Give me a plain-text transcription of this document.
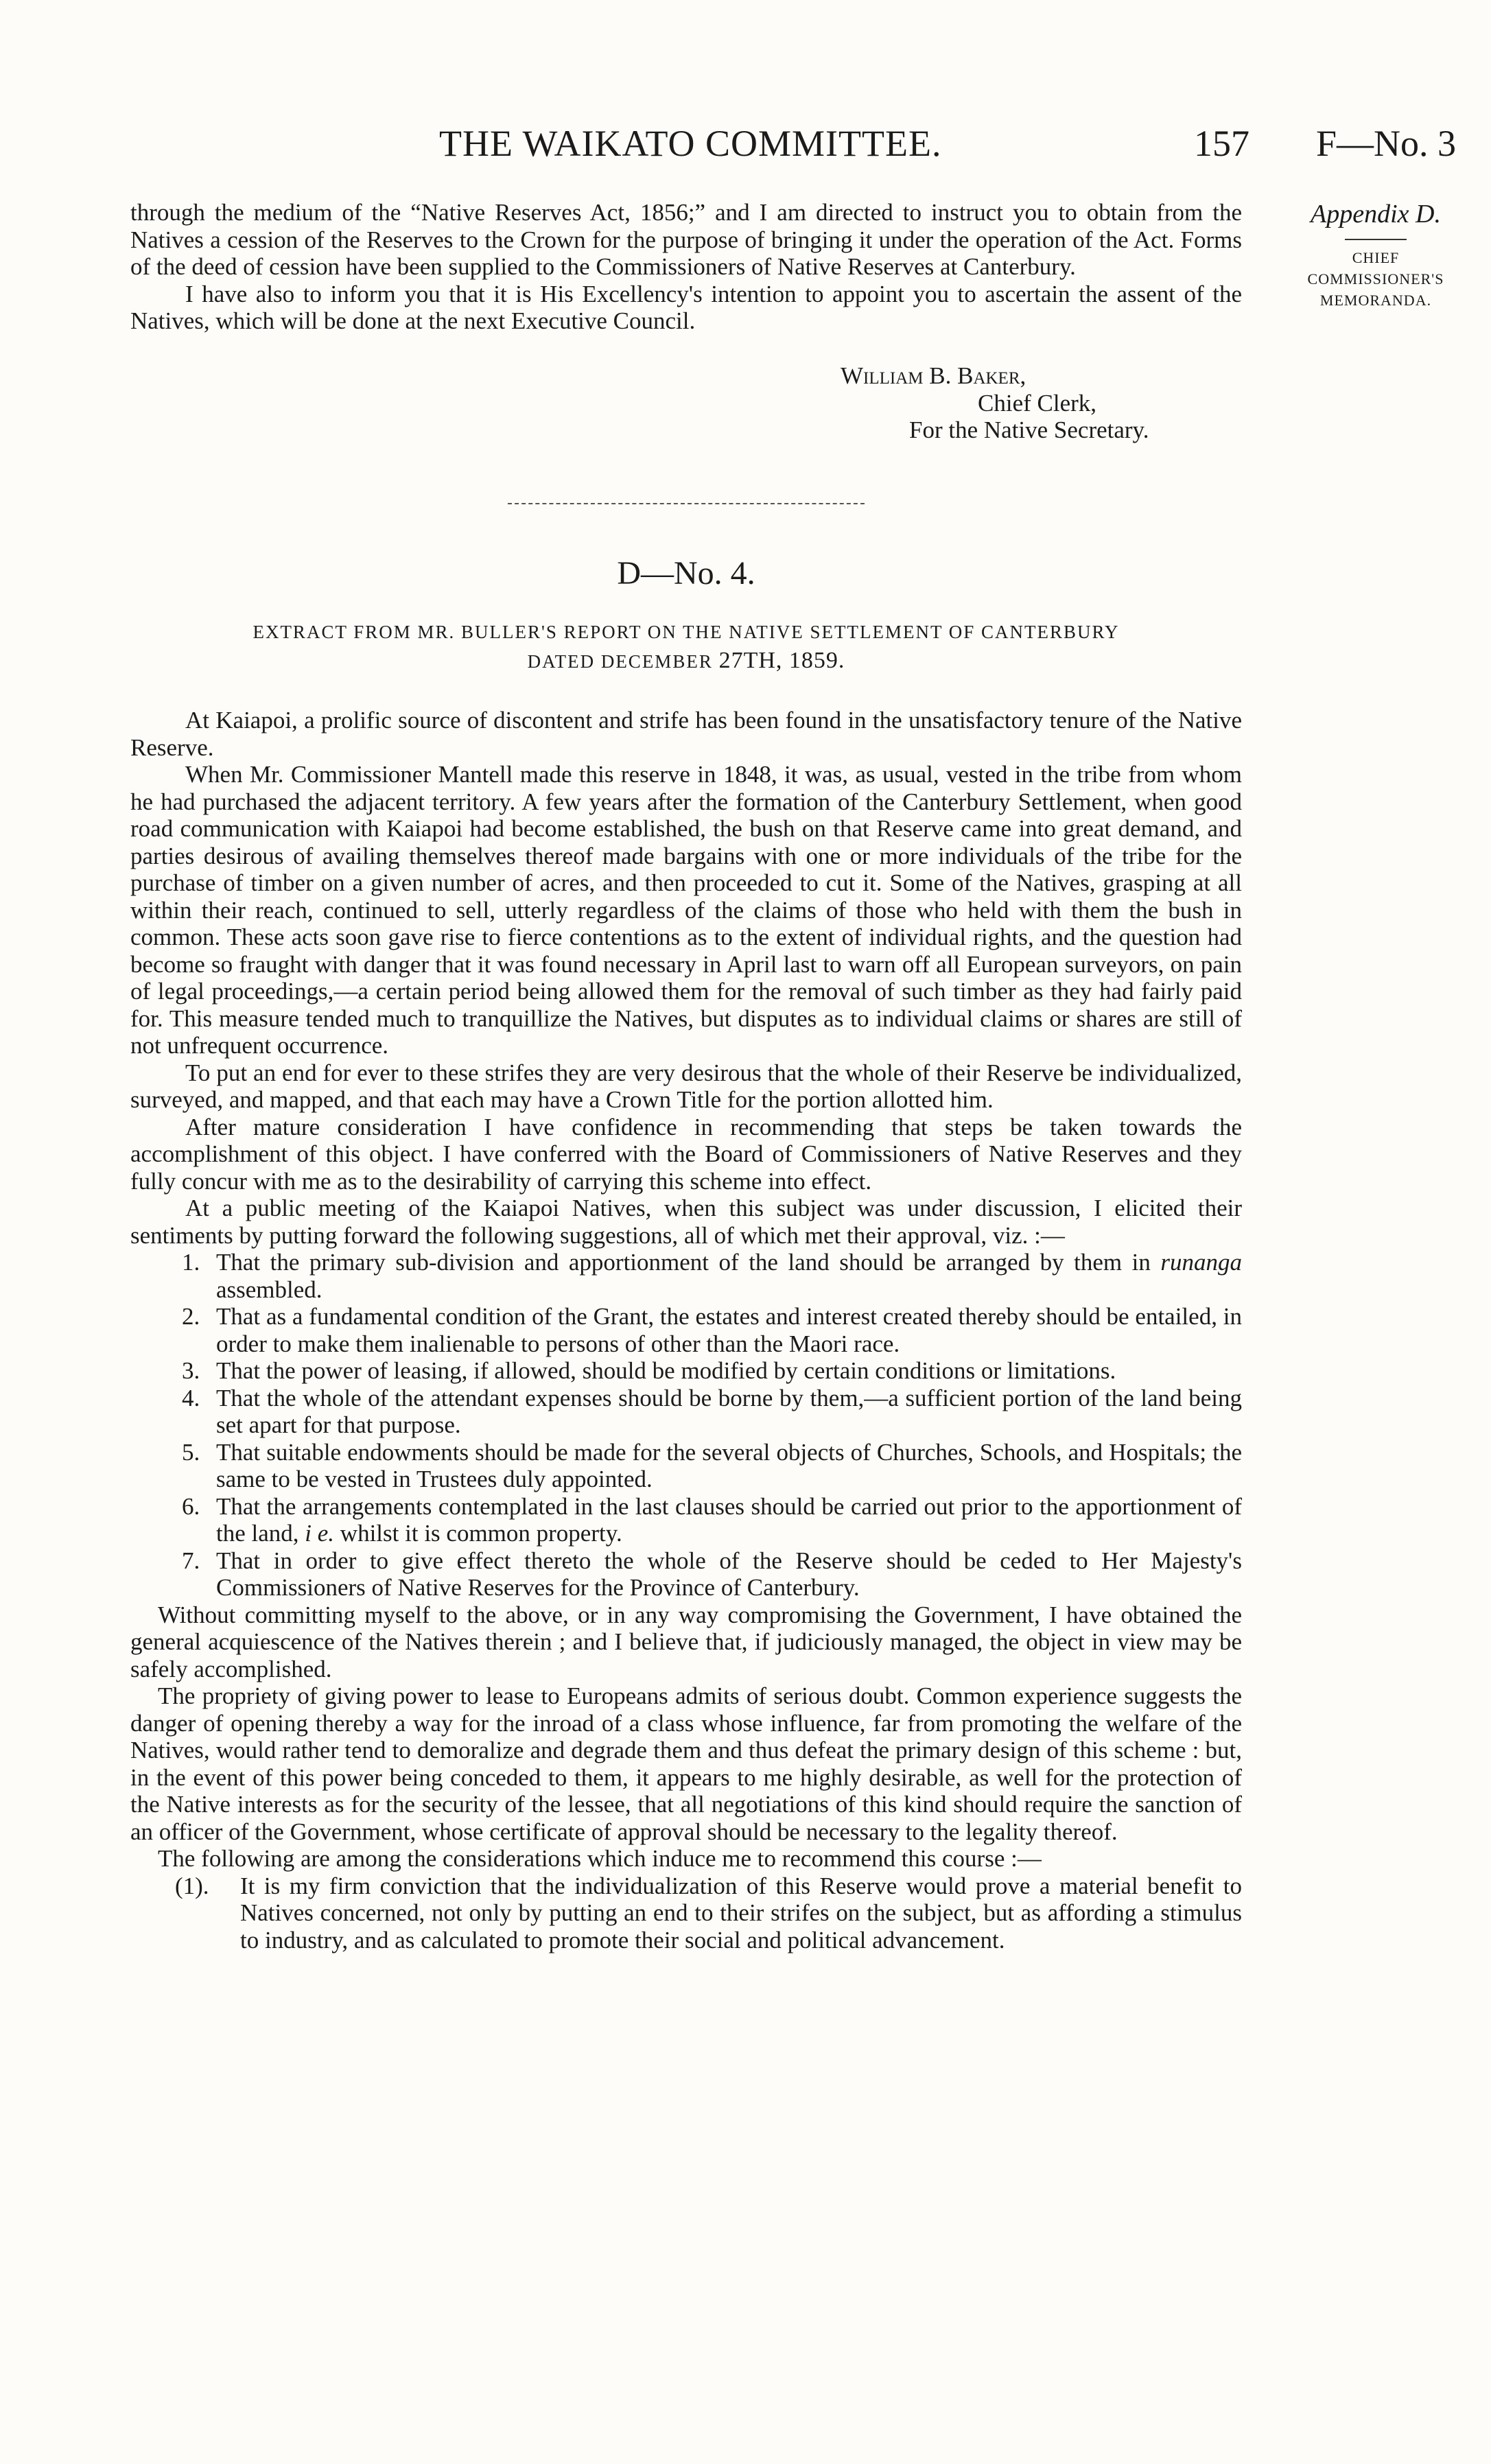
THE WAIKATO COMMITTEE.	157 F—No. 3
Appendix D.
CHIEF
COMMISSIONER'S
MEMORANDA.

through the medium of the “Native Reserves Act, 1856;” and I am directed to instruct you to obtain from the Natives a cession of the Reserves to the Crown for the purpose of bringing it under the operation of the Act. Forms of the deed of cession have been supplied to the Commissioners of Native Reserves at Canterbury.

I have also to inform you that it is His Excellency's intention to appoint you to ascertain the assent of the Natives, which will be done at the next Executive Council.

William B. Baker,
Chief Clerk,
For the Native Secretary.
D—No. 4.
EXTRACT FROM MR. BULLER'S REPORT ON THE NATIVE SETTLEMENT OF CANTERBURY
DATED DECEMBER 27TH, 1859.

At Kaiapoi, a prolific source of discontent and strife has been found in the unsatisfactory tenure of the Native Reserve.

When Mr. Commissioner Mantell made this reserve in 1848, it was, as usual, vested in the tribe from whom he had purchased the adjacent territory. A few years after the formation of the Canterbury Settlement, when good road communication with Kaiapoi had become established, the bush on that Reserve came into great demand, and parties desirous of availing themselves thereof made bargains with one or more individuals of the tribe for the purchase of timber on a given number of acres, and then proceeded to cut it. Some of the Natives, grasping at all within their reach, continued to sell, utterly regardless of the claims of those who held with them the bush in common. These acts soon gave rise to fierce contentions as to the extent of individual rights, and the question had become so fraught with danger that it was found necessary in April last to warn off all European surveyors, on pain of legal proceedings,—a certain period being allowed them for the removal of such timber as they had fairly paid for. This measure tended much to tranquillize the Natives, but disputes as to individual claims or shares are still of not unfrequent occurrence.

To put an end for ever to these strifes they are very desirous that the whole of their Reserve be individualized, surveyed, and mapped, and that each may have a Crown Title for the portion allotted him.

After mature consideration I have confidence in recommending that steps be taken towards the accomplishment of this object. I have conferred with the Board of Commissioners of Native Reserves and they fully concur with me as to the desirability of carrying this scheme into effect.

At a public meeting of the Kaiapoi Natives, when this subject was under discussion, I elicited their sentiments by putting forward the following suggestions, all of which met their approval, viz. :—

1. That the primary sub-division and apportionment of the land should be arranged by them in runanga assembled.
2. That as a fundamental condition of the Grant, the estates and interest created thereby should be entailed, in order to make them inalienable to persons of other than the Maori race.
3. That the power of leasing, if allowed, should be modified by certain conditions or limitations.
4. That the whole of the attendant expenses should be borne by them,—a sufficient portion of the land being set apart for that purpose.
5. That suitable endowments should be made for the several objects of Churches, Schools, and Hospitals; the same to be vested in Trustees duly appointed.
6. That the arrangements contemplated in the last clauses should be carried out prior to the apportionment of the land, i e. whilst it is common property.
7. That in order to give effect thereto the whole of the Reserve should be ceded to Her Majesty's Commissioners of Native Reserves for the Province of Canterbury.

Without committing myself to the above, or in any way compromising the Government, I have obtained the general acquiescence of the Natives therein ; and I believe that, if judiciously managed, the object in view may be safely accomplished.

The propriety of giving power to lease to Europeans admits of serious doubt. Common experience suggests the danger of opening thereby a way for the inroad of a class whose influence, far from promoting the welfare of the Natives, would rather tend to demoralize and degrade them and thus defeat the primary design of this scheme : but, in the event of this power being conceded to them, it appears to me highly desirable, as well for the protection of the Native interests as for the security of the lessee, that all negotiations of this kind should require the sanction of an officer of the Government, whose certificate of approval should be necessary to the legality thereof.

The following are among the considerations which induce me to recommend this course :—

(1). It is my firm conviction that the individualization of this Reserve would prove a material benefit to Natives concerned, not only by putting an end to their strifes on the subject, but as affording a stimulus to industry, and as calculated to promote their social and political advancement.
